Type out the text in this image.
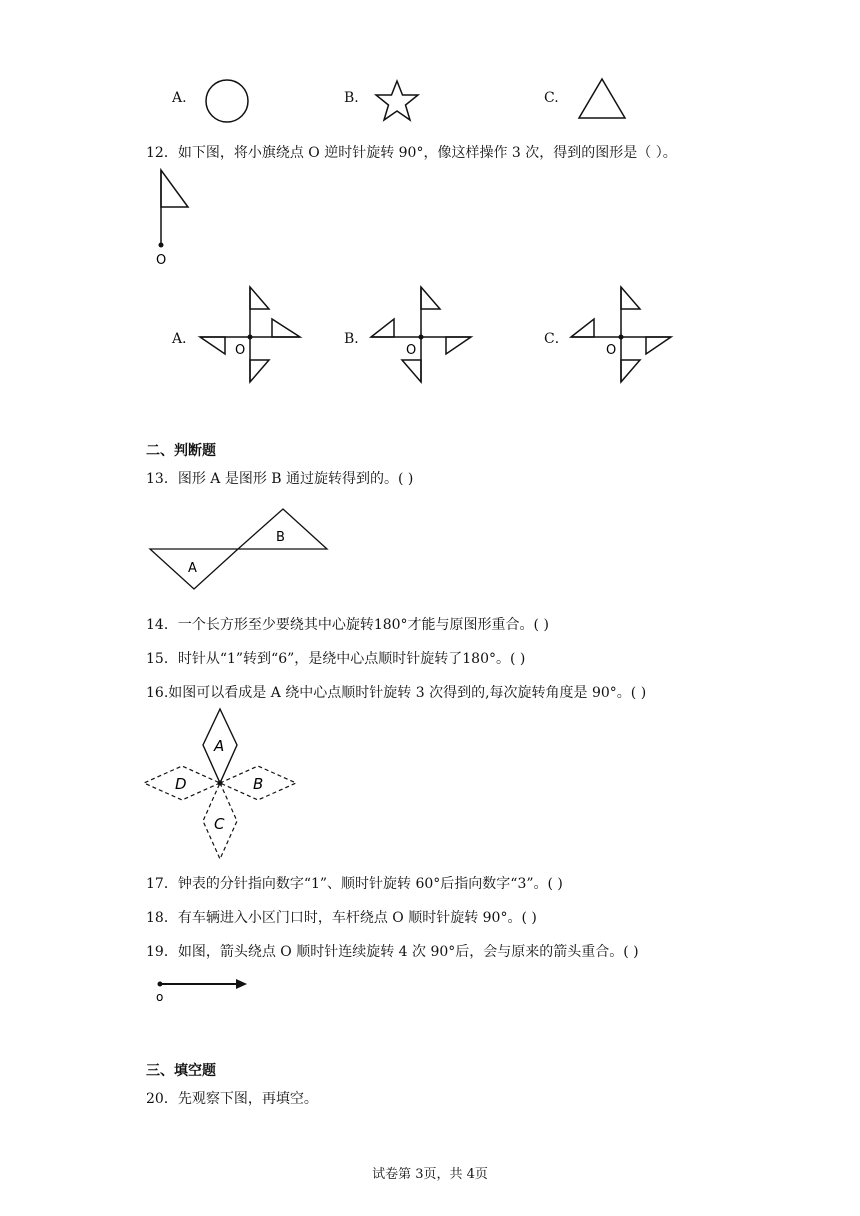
A.	B.	C.
12．如下图，将小旗绕点 O 逆时针旋转 90°，像这样操作 3 次，得到的图形是（ ）。
O
A．
O
B．
O
C．
O
二、判断题
13．图形 A 是图形 B 通过旋转得到的。( )
A
B
14．一个长方形至少要绕其中心旋转180°才能与原图形重合。( )
15．时针从“1”转到“6”，是绕中心点顺时针旋转了180°。( )
16.如图可以看成是 A 绕中心点顺时针旋转 3 次得到的,每次旋转角度是 90°。( )
A
B
C
D
17．钟表的分针指向数字“1”、顺时针旋转 60°后指向数字“3”。( )
18．有车辆进入小区门口时，车杆绕点 O 顺时针旋转 90°。( )
19．如图，箭头绕点 O 顺时针连续旋转 4 次 90°后，会与原来的箭头重合。( )
o
三、填空题
20．先观察下图，再填空。
试卷第 3页，共 4页
